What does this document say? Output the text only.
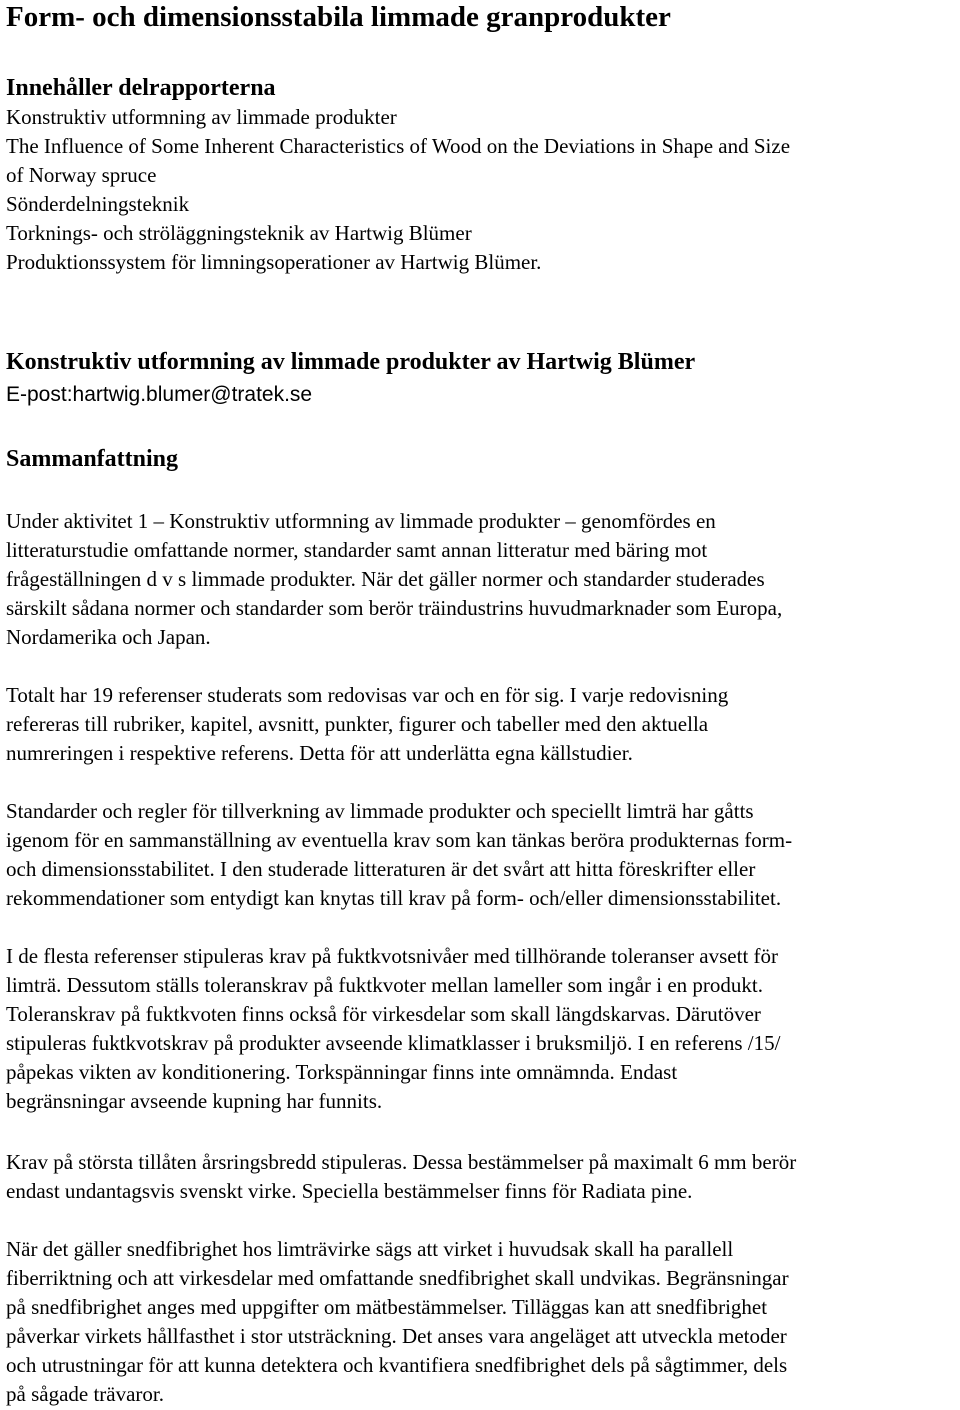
Form- och dimensionsstabila limmade granprodukter
Innehåller delrapporterna

Konstruktiv utformning av limmade produkter

The Influence of Some Inherent Characteristics of Wood on the Deviations in Shape and Size

of Norway spruce

Sönderdelningsteknik

Torknings- och ströläggningsteknik av Hartwig Blümer

Produktionssystem för limningsoperationer av Hartwig Blümer.

Konstruktiv utformning av limmade produkter av Hartwig Blümer
E-post:hartwig.blumer@tratek.se
Sammanfattning

Under aktivitet 1 – Konstruktiv utformning av limmade produkter – genomfördes en

litteraturstudie omfattande normer, standarder samt annan litteratur med bäring mot

frågeställningen d v s limmade produkter. När det gäller normer och standarder studerades

särskilt sådana normer och standarder som berör träindustrins huvudmarknader som Europa,

Nordamerika och Japan.

Totalt har 19 referenser studerats som redovisas var och en för sig. I varje redovisning

refereras till rubriker, kapitel, avsnitt, punkter, figurer och tabeller med den aktuella

numreringen i respektive referens. Detta för att underlätta egna källstudier.

Standarder och regler för tillverkning av limmade produkter och speciellt limträ har gåtts

igenom för en sammanställning av eventuella krav som kan tänkas beröra produkternas form-

och dimensionsstabilitet. I den studerade litteraturen är det svårt att hitta föreskrifter eller

rekommendationer som entydigt kan knytas till krav på form- och/eller dimensionsstabilitet.

I de flesta referenser stipuleras krav på fuktkvotsnivåer med tillhörande toleranser avsett för

limträ. Dessutom ställs toleranskrav på fuktkvoter mellan lameller som ingår i en produkt.

Toleranskrav på fuktkvoten finns också för virkesdelar som skall längdskarvas. Därutöver

stipuleras fuktkvotskrav på produkter avseende klimatklasser i bruksmiljö. I en referens /15/

påpekas vikten av konditionering. Torkspänningar finns inte omnämnda. Endast

begränsningar avseende kupning har funnits.

Krav på största tillåten årsringsbredd stipuleras. Dessa bestämmelser på maximalt 6 mm berör

endast undantagsvis svenskt virke. Speciella bestämmelser finns för Radiata pine.

När det gäller snedfibrighet hos limträvirke sägs att virket i huvudsak skall ha parallell

fiberriktning och att virkesdelar med omfattande snedfibrighet skall undvikas. Begränsningar

på snedfibrighet anges med uppgifter om mätbestämmelser. Tilläggas kan att snedfibrighet

påverkar virkets hållfasthet i stor utsträckning. Det anses vara angeläget att utveckla metoder

och utrustningar för att kunna detektera och kvantifiera snedfibrighet dels på sågtimmer, dels

på sågade trävaror.
